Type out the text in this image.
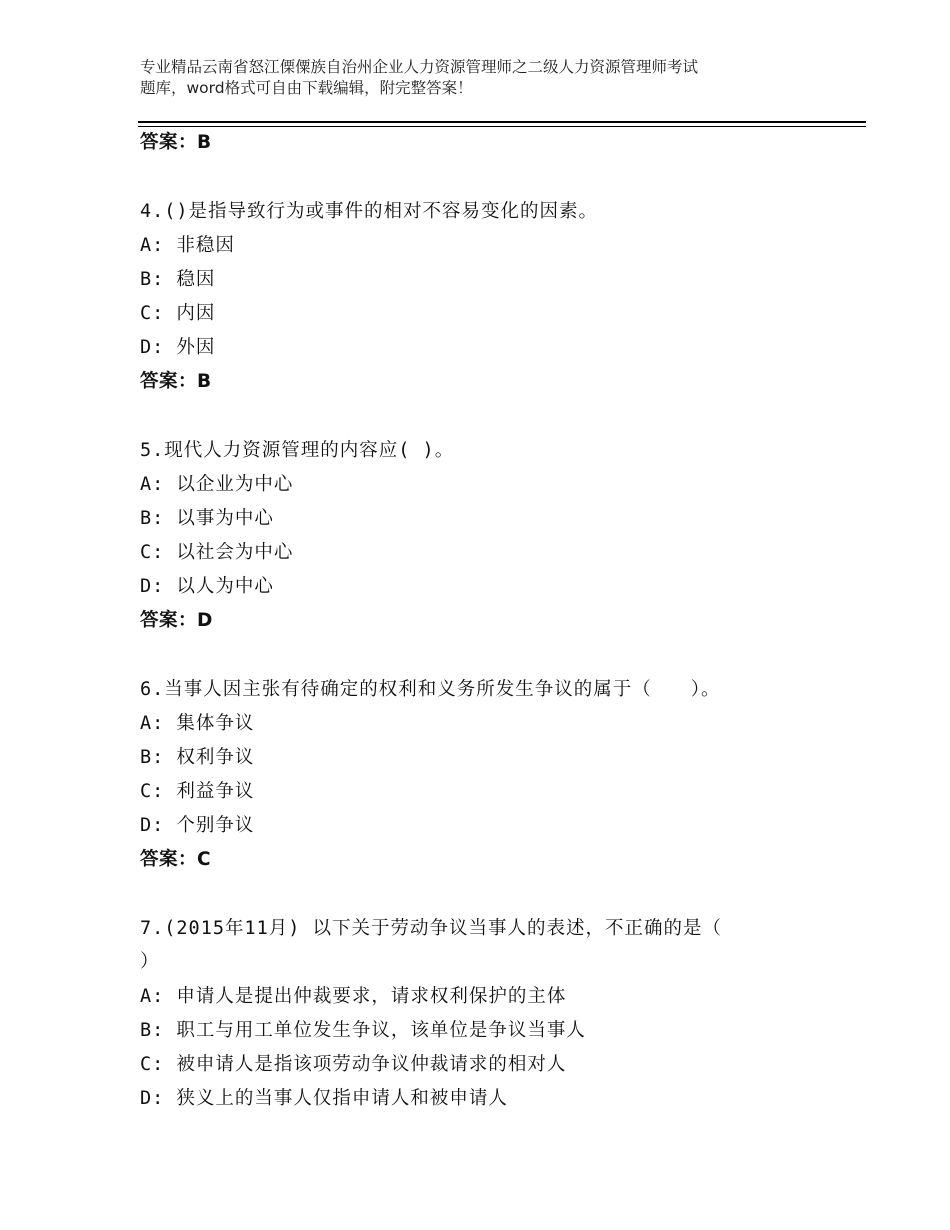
专业精品云南省怒江傈僳族自治州企业人力资源管理师之二级人力资源管理师考试
题库，word格式可自由下载编辑，附完整答案！
答案：B
4.()是指导致行为或事件的相对不容易变化的因素。
A: 非稳因
B: 稳因
C: 内因
D: 外因
答案：B
5.现代人力资源管理的内容应( )。
A: 以企业为中心
B: 以事为中心
C: 以社会为中心
D: 以人为中心
答案：D
6.当事人因主张有待确定的权利和义务所发生争议的属于（　　）。
A: 集体争议
B: 权利争议
C: 利益争议
D: 个别争议
答案：C
7.(2015年11月) 以下关于劳动争议当事人的表述，不正确的是（
）
A: 申请人是提出仲裁要求，请求权利保护的主体
B: 职工与用工单位发生争议，该单位是争议当事人
C: 被申请人是指该项劳动争议仲裁请求的相对人
D: 狭义上的当事人仅指申请人和被申请人
